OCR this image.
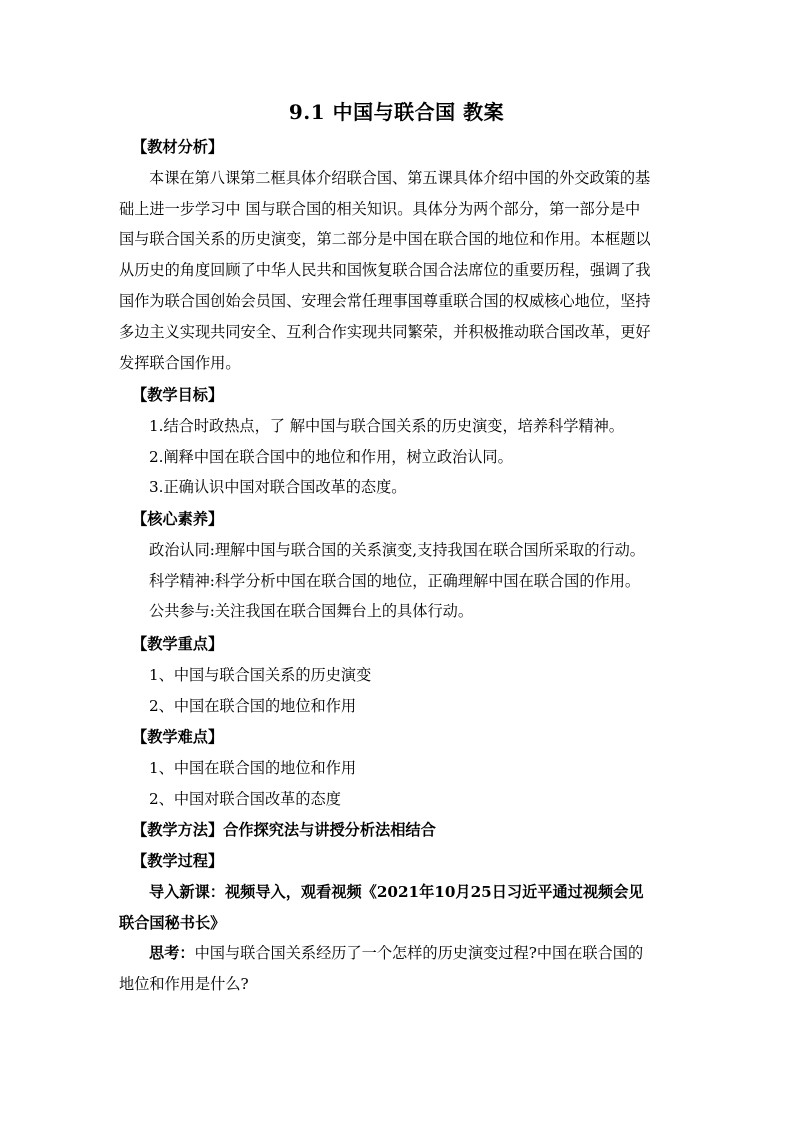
9.1 中国与联合国 教案

【教材分析】

本课在第八课第二框具体介绍联合国、第五课具体介绍中国的外交政策的基

础上进一步学习中 国与联合国的相关知识。具体分为两个部分，第一部分是中

国与联合国关系的历史演变，第二部分是中国在联合国的地位和作用。本框题以

从历史的角度回顾了中华人民共和国恢复联合国合法席位的重要历程，强调了我

国作为联合国创始会员国、安理会常任理事国尊重联合国的权威核心地位，坚持

多边主义实现共同安全、互利合作实现共同繁荣，并积极推动联合国改革，更好

发挥联合国作用。

【教学目标】

1.结合时政热点，了 解中国与联合国关系的历史演变，培养科学精神。

2.阐释中国在联合国中的地位和作用，树立政治认同。

3.正确认识中国对联合国改革的态度。

【核心素养】

政治认同:理解中国与联合国的关系演变,支持我国在联合国所采取的行动。

科学精神:科学分析中国在联合国的地位，正确理解中国在联合国的作用。

公共参与:关注我国在联合国舞台上的具体行动。

【教学重点】

1、中国与联合国关系的历史演变

2、中国在联合国的地位和作用

【教学难点】

1、中国在联合国的地位和作用

2、中国对联合国改革的态度

【教学方法】合作探究法与讲授分析法相结合

【教学过程】

导入新课：视频导入，观看视频《2021年10月25日习近平通过视频会见

联合国秘书长》

思考：中国与联合国关系经历了一个怎样的历史演变过程?中国在联合国的

地位和作用是什么?
